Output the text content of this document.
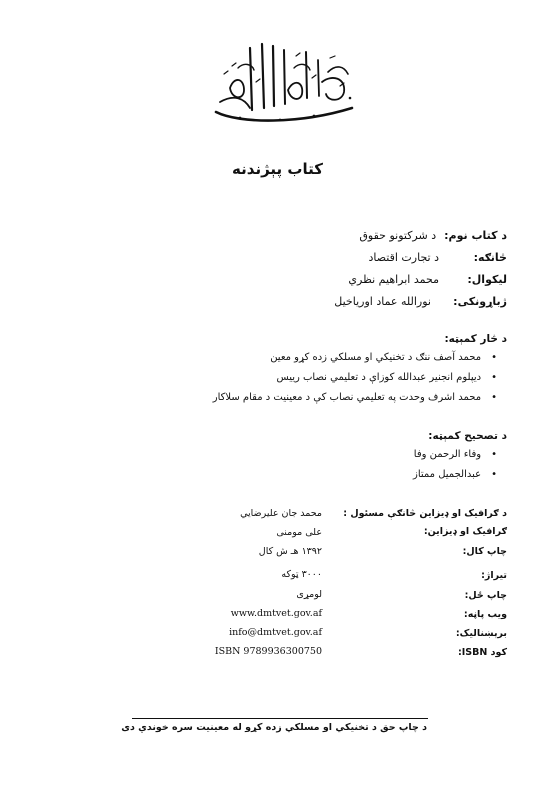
کتاب پېژندنه
د کتاب نوم:
د شرکتونو حقوق
څانګه:
د تجارت اقتصاد
لیکوال:
محمد ابراهیم نظري
ژباړونکی:
نورالله عماد اوریاخیل
د څار کمېټه:
•
محمد آصف ننګ د تخنیکي او مسلکي زده کړو معین
•
دیپلوم انجنیر عبدالله کوزاې د تعلیمي نصاب رییس
•
محمد اشرف وحدت په تعلیمي نصاب کې د معینیت د مقام سلاکار
د تصحیح کمېټه:
•
وفاء الرحمن وفا
•
عبدالجمیل ممتاز
د ګرافیک او ډیزاین څانګې مسئول :
محمد جان علیرضایي
ګرافیک او ډیزاین:
علی مومنی
چاپ کال:
۱۳۹۲ هـ ش کال
تیراژ:
۳۰۰۰ ټوکه
چاپ ځل:
لومړی
ویب پاڼه:
www.dmtvet.gov.af
برېښنالیک:
info@dmtvet.gov.af
کود ISBN:
ISBN 9789936300750
د چاپ حق د تخنیکي او مسلکي زده کړو له معینیت سره خوندي دی
